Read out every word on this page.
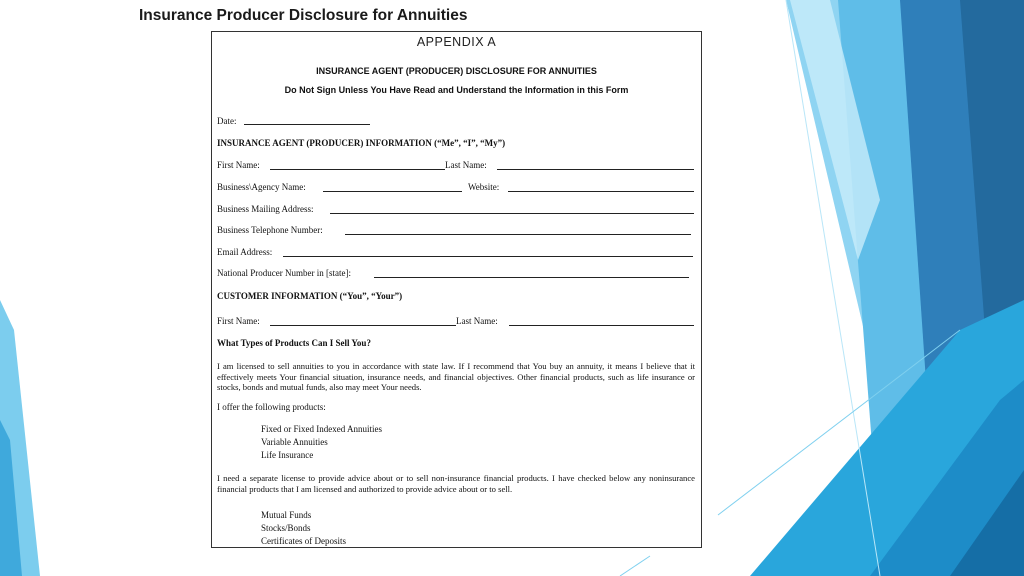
Insurance Producer Disclosure for Annuities
APPENDIX A
INSURANCE AGENT (PRODUCER) DISCLOSURE FOR ANNUITIES
Do Not Sign Unless You Have Read and Understand the Information in this Form
Date:
INSURANCE AGENT (PRODUCER) INFORMATION (“Me”, “I”, “My”)
First Name:	Last Name:
Business\Agency Name:	Website:
Business Mailing Address:
Business Telephone Number:
Email Address:
National Producer Number in [state]:
CUSTOMER INFORMATION (“You”, “Your”)
First Name:	Last Name:
What Types of Products Can I Sell You?
I am licensed to sell annuities to you in accordance with state law. If I recommend that You buy an annuity, it means I believe that it effectively meets Your financial situation, insurance needs, and financial objectives. Other financial products, such as life insurance or stocks, bonds and mutual funds, also may meet Your needs.
I offer the following products:
Fixed or Fixed Indexed Annuities
Variable Annuities
Life Insurance
I need a separate license to provide advice about or to sell non-insurance financial products. I have checked below any noninsurance financial products that I am licensed and authorized to provide advice about or to sell.
Mutual Funds
Stocks/Bonds
Certificates of Deposits
